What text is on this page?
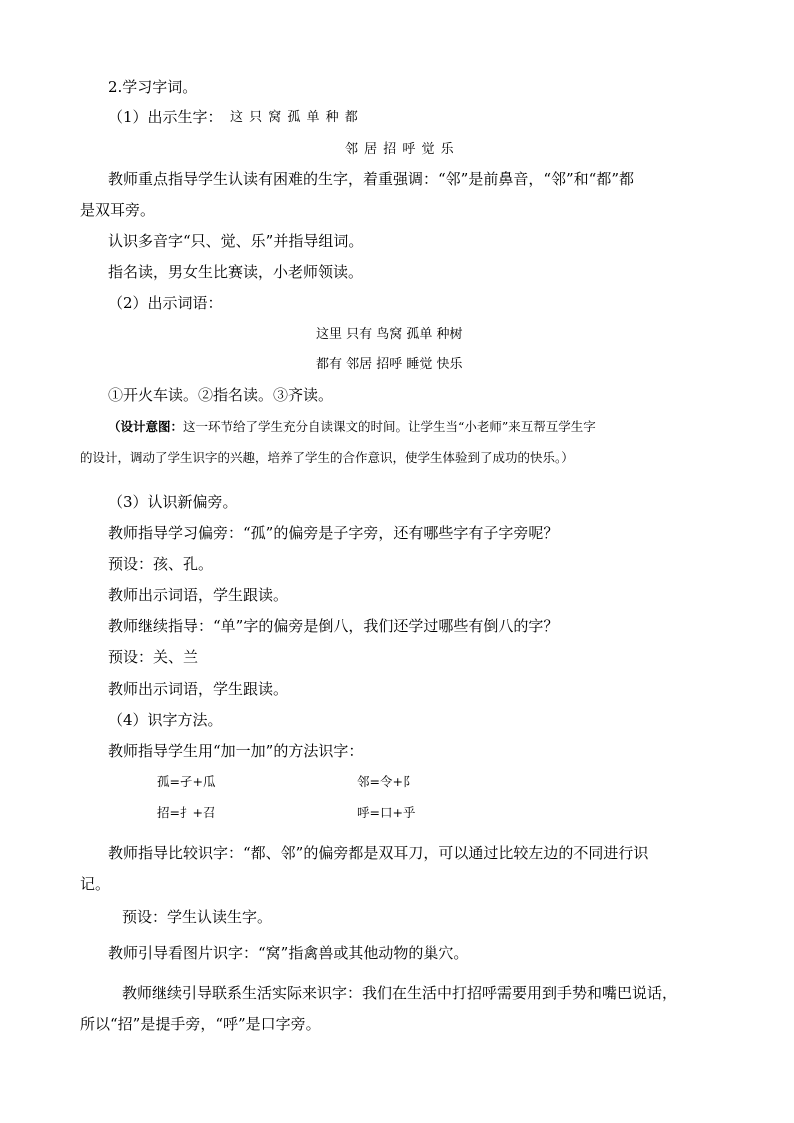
2.学习字词。
（1）出示生字： 这 只 窝 孤 单 种 都
邻 居 招 呼 觉 乐
教师重点指导学生认读有困难的生字，着重强调：“邻”是前鼻音，“邻”和“都”都
是双耳旁。
认识多音字“只、觉、乐”并指导组词。
指名读，男女生比赛读，小老师领读。
（2）出示词语：
这里 只有 鸟窝 孤单 种树
都有 邻居 招呼 睡觉 快乐
①开火车读。②指名读。③齐读。
（设计意图：这一环节给了学生充分自读课文的时间。让学生当“小老师”来互帮互学生字
的设计，调动了学生识字的兴趣，培养了学生的合作意识，使学生体验到了成功的快乐。）
（3）认识新偏旁。
教师指导学习偏旁：“孤”的偏旁是子字旁，还有哪些字有子字旁呢？
预设：孩、孔。
教师出示词语，学生跟读。
教师继续指导：“单”字的偏旁是倒八，我们还学过哪些有倒八的字？
预设：关、兰
教师出示词语，学生跟读。
（4）识字方法。
教师指导学生用“加一加”的方法识字：
孤=孑+瓜	邻=令+阝
招=扌+召	呼=口+乎
教师指导比较识字：“都、邻”的偏旁都是双耳刀，可以通过比较左边的不同进行识
记。
预设：学生认读生字。
教师引导看图片识字：“窝”指禽兽或其他动物的巢穴。
教师继续引导联系生活实际来识字：我们在生活中打招呼需要用到手势和嘴巴说话，
所以“招”是提手旁，“呼”是口字旁。
